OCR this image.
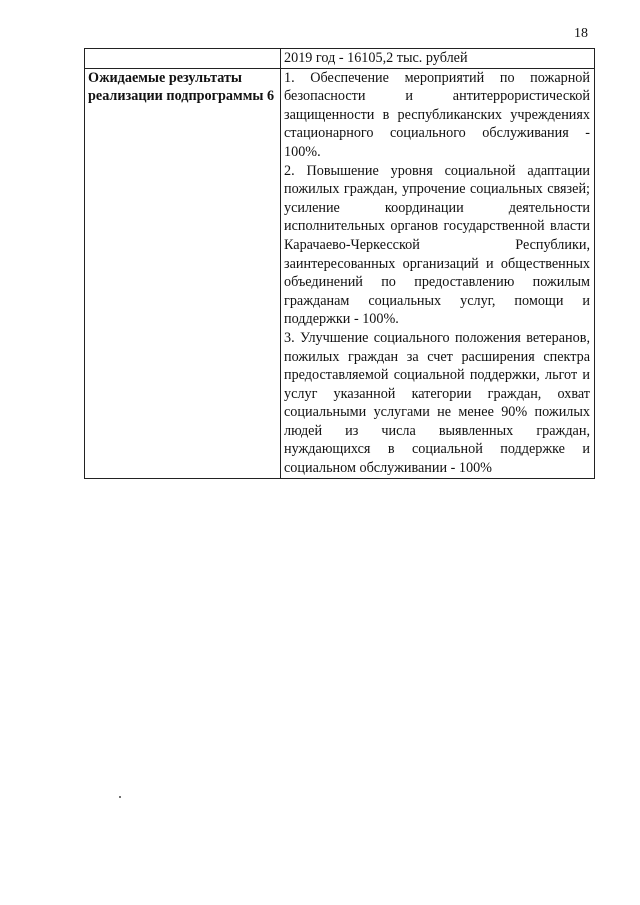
18
	2019 год - 16105,2 тыс. рублей
Ожидаемые результаты реализации подпрограммы 6	1. Обеспечение мероприятий по пожарной безопасности и антитеррористической защищенности в республиканских учреждениях стационарного социального обслуживания - 100%.

2. Повышение уровня социальной адаптации пожилых граждан, упрочение социальных связей; усиление координации деятельности исполнительных органов государственной власти Карачаево-Черкесской Республики, заинтересованных организаций и общественных объединений по предоставлению пожилым гражданам социальных услуг, помощи и поддержки - 100%.

3. Улучшение социального положения ветеранов, пожилых граждан за счет расширения спектра предоставляемой социальной поддержки, льгот и услуг указанной категории граждан, охват социальными услугами не менее 90% пожилых людей из числа выявленных граждан, нуждающихся в социальной поддержке и социальном обслуживании - 100%
